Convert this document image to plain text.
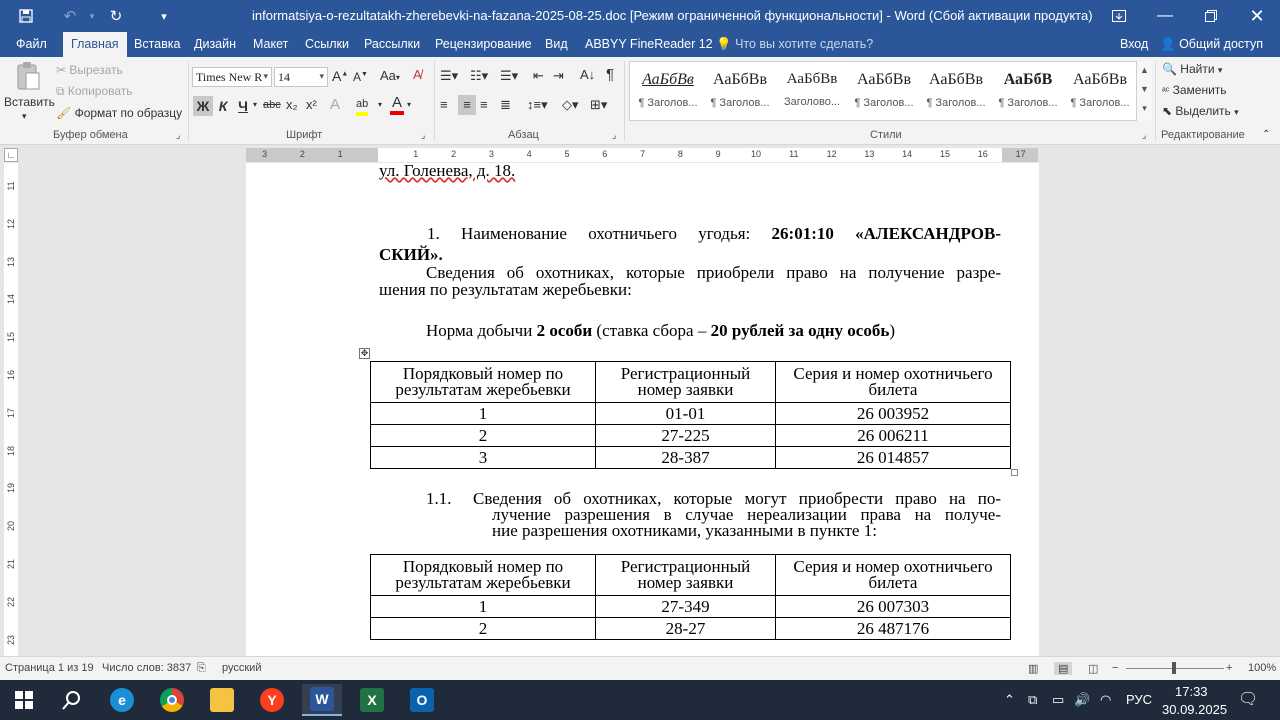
↶	▾	↻	▾	informatsiya-o-rezultatakh-zherebevki-na-fazana-2025-08-25.doc [Режим ограниченной функциональности] - Word (Сбой активации продукта)	—	✕
Файл	Главная	Вставка Дизайн Макет Ссылки Рассылки Рецензирование Вид ABBYY FineReader 12 💡 Что вы хотите сделать?	Вход 👤 Общий доступ
Вставить
▾
✂ Вырезать
⧉ Копировать
🖌 Формат по образцу
Буфер обмена	⌟
Times New R ▾	14 ▾	A▲ A▼ Aa▾ A̸
Ж К Ч ▾ abc x₂ x² A ab ▾ A ▾
Шрифт	⌟
☰▾ ☷▾ ☰▾ ⇤ ⇥ A↓ ¶
≡	≡ ≡ ≣ ↕≡▾ ◇▾ ⊞▾
Абзац	⌟
АаБбВв
¶ Заголов...
АаБбВв
¶ Заголов...
АаБбВв
Заголово...
АаБбВв
¶ Заголов...
АаБбВв
¶ Заголов...
АаБбВ
¶ Заголов...
АаБбВв
¶ Заголов...
▲
▼
▾
Стили	⌟
🔍 Найти ▾
ᵃᶜ Заменить
⬉ Выделить ▾
Редактирование ⌃
∟	3	2	1	1	2	3	4	5	6	7	8	9	10	11	12	13	14	15	16	17
11
12
13
14
15
16
17
18
19
20
21
22
23
ул. Голенева, д. 18.
1. Наименование охотничьего угодья: 26:01:10 «АЛЕКСАНДРОВ-
СКИЙ».
Сведения об охотниках, которые приобрели право на получение разре-
шения по результатам жеребьевки:
Норма добычи 2 особи (ставка сбора – 20 рублей за одну особь)
✥
Порядковый номер по результатам жеребьевки	Регистрационный номер заявки	Серия и номер охотничьего билета
1	01-01	26 003952
2	27-225	26 006211
3	28-387	26 014857
1.1. Сведения об охотниках, которые могут приобрести право на по-
лучение разрешения в случае нереализации права на получе-
ние разрешения охотниками, указанными в пункте 1:
Порядковый номер по результатам жеребьевки	Регистрационный номер заявки	Серия и номер охотничьего билета
1	27-349	26 007303
2	28-27	26 487176
Страница 1 из 19 Число слов: 3837 ⎘ русский	▥	▤	◫ −	+ 100%
e	Y	W	X	O	⌃ ⧉ ▭ 🔊 ◠ РУС
17:33
30.09.2025
🗨
